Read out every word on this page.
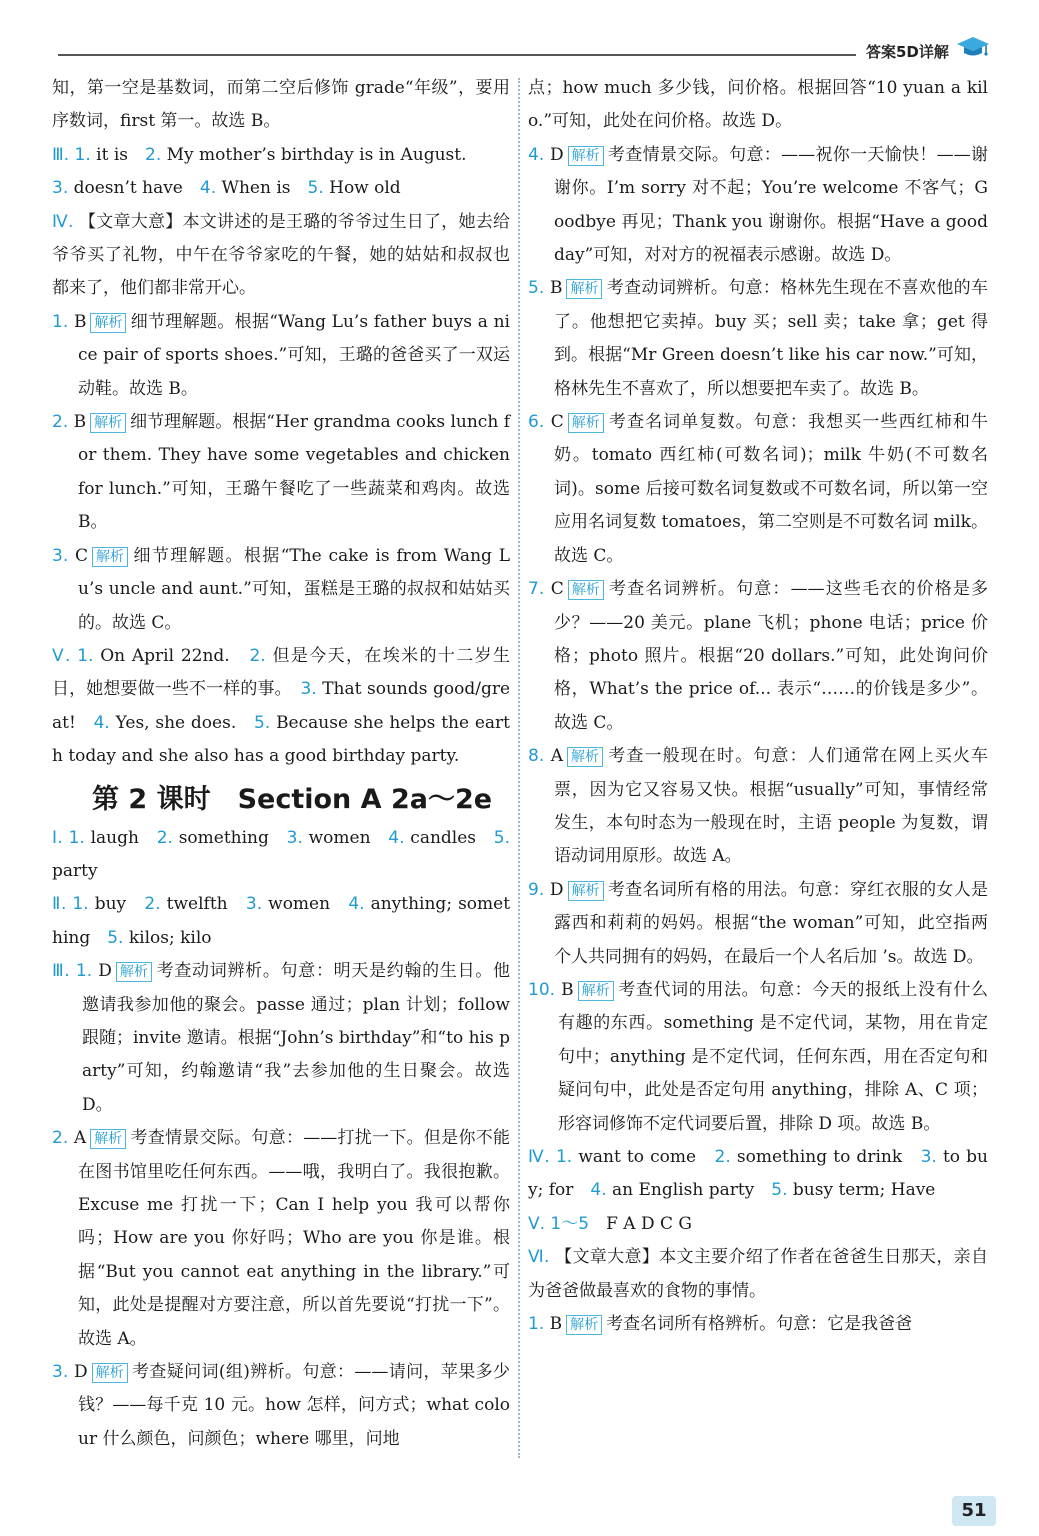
答案5D详解
知，第一空是基数词，而第二空后修饰 grade“年级”，要用序数词，first 第一。故选 B。
Ⅲ. 1. it is　2. My mother’s birthday is in August.
3. doesn’t have　4. When is　5. How old
Ⅳ. 【文章大意】本文讲述的是王璐的爷爷过生日了，她去给爷爷买了礼物，中午在爷爷家吃的午餐，她的姑姑和叔叔也都来了，他们都非常开心。
1. B 解析 细节理解题。根据“Wang Lu’s father buys a nice pair of sports shoes.”可知，王璐的爸爸买了一双运动鞋。故选 B。
2. B 解析 细节理解题。根据“Her grandma cooks lunch for them. They have some vegetables and chicken for lunch.”可知，王璐午餐吃了一些蔬菜和鸡肉。故选 B。
3. C 解析 细节理解题。根据“The cake is from Wang Lu’s uncle and aunt.”可知，蛋糕是王璐的叔叔和姑姑买的。故选 C。
Ⅴ. 1. On April 22nd.　2. 但是今天，在埃米的十二岁生日，她想要做一些不一样的事。　3. That sounds good/great!　4. Yes, she does.　5. Because she helps the earth today and she also has a good birthday party.
第 2 课时　Section A 2a～2e
Ⅰ. 1. laugh　2. something　3. women　4. candles　5. party
Ⅱ. 1. buy　2. twelfth　3. women　4. anything; something　5. kilos; kilo
Ⅲ. 1. D 解析 考查动词辨析。句意：明天是约翰的生日。他邀请我参加他的聚会。passe 通过；plan 计划；follow 跟随；invite 邀请。根据“John’s birthday”和“to his party”可知，约翰邀请“我”去参加他的生日聚会。故选 D。
2. A 解析 考查情景交际。句意：——打扰一下。但是你不能在图书馆里吃任何东西。——哦，我明白了。我很抱歉。Excuse me 打扰一下；Can I help you 我可以帮你吗；How are you 你好吗；Who are you 你是谁。根据“But you cannot eat anything in the library.”可知，此处是提醒对方要注意，所以首先要说“打扰一下”。故选 A。
3. D 解析 考查疑问词(组)辨析。句意：——请问，苹果多少钱？——每千克 10 元。how 怎样，问方式；what colour 什么颜色，问颜色；where 哪里，问地
点；how much 多少钱，问价格。根据回答“10 yuan a kilo.”可知，此处在问价格。故选 D。
4. D 解析 考查情景交际。句意：——祝你一天愉快！——谢谢你。I’m sorry 对不起；You’re welcome 不客气；Goodbye 再见；Thank you 谢谢你。根据“Have a good day”可知，对对方的祝福表示感谢。故选 D。
5. B 解析 考查动词辨析。句意：格林先生现在不喜欢他的车了。他想把它卖掉。buy 买；sell 卖；take 拿；get 得到。根据“Mr Green doesn’t like his car now.”可知，格林先生不喜欢了，所以想要把车卖了。故选 B。
6. C 解析 考查名词单复数。句意：我想买一些西红柿和牛奶。tomato 西红柿(可数名词)；milk 牛奶(不可数名词)。some 后接可数名词复数或不可数名词，所以第一空应用名词复数 tomatoes，第二空则是不可数名词 milk。故选 C。
7. C 解析 考查名词辨析。句意：——这些毛衣的价格是多少？——20 美元。plane 飞机；phone 电话；price 价格；photo 照片。根据“20 dollars.”可知，此处询问价格，What’s the price of... 表示“……的价钱是多少”。故选 C。
8. A 解析 考查一般现在时。句意：人们通常在网上买火车票，因为它又容易又快。根据“usually”可知，事情经常发生，本句时态为一般现在时，主语 people 为复数，谓语动词用原形。故选 A。
9. D 解析 考查名词所有格的用法。句意：穿红衣服的女人是露西和莉莉的妈妈。根据“the woman”可知，此空指两个人共同拥有的妈妈，在最后一个人名后加 ’s。故选 D。
10. B 解析 考查代词的用法。句意：今天的报纸上没有什么有趣的东西。something 是不定代词，某物，用在肯定句中；anything 是不定代词，任何东西，用在否定句和疑问句中，此处是否定句用 anything，排除 A、C 项；形容词修饰不定代词要后置，排除 D 项。故选 B。
Ⅳ. 1. want to come　2. something to drink　3. to buy; for　4. an English party　5. busy term; Have
Ⅴ. 1～5　F A D C G
Ⅵ. 【文章大意】本文主要介绍了作者在爸爸生日那天，亲自为爸爸做最喜欢的食物的事情。
1. B 解析 考查名词所有格辨析。句意：它是我爸爸
51
